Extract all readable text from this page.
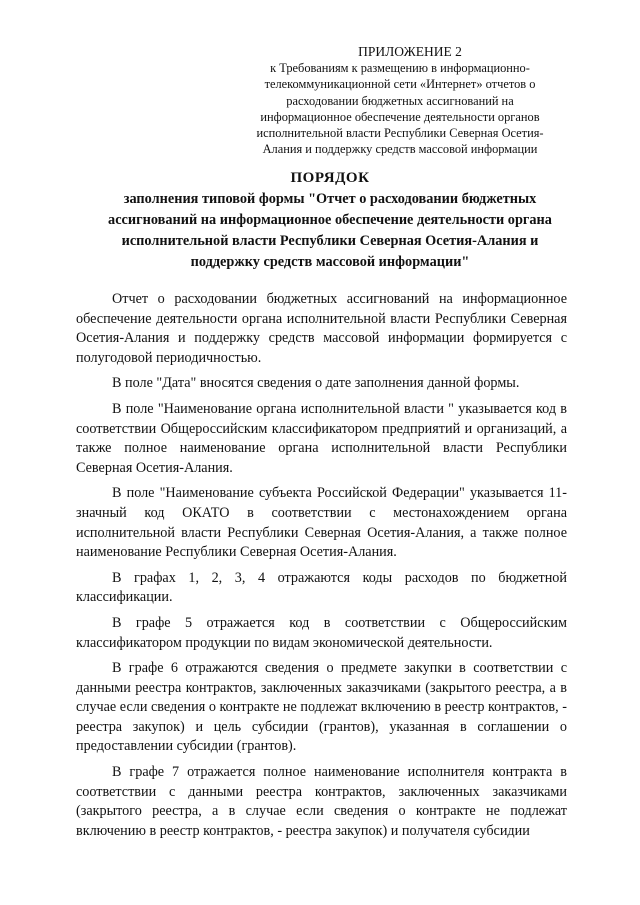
ПРИЛОЖЕНИЕ 2
к Требованиям к размещению в информационно-
телекоммуникационной сети «Интернет» отчетов о
расходовании бюджетных ассигнований на
информационное обеспечение деятельности органов
исполнительной власти Республики Северная Осетия-
Алания и поддержку средств массовой информации
ПОРЯДОК
заполнения типовой формы "Отчет о расходовании бюджетных
ассигнований на информационное обеспечение деятельности органа
исполнительной власти Республики Северная Осетия-Алания и
поддержку средств массовой информации"

Отчет о расходовании бюджетных ассигнований на информационное обеспечение деятельности органа исполнительной власти Республики Северная Осетия-Алания и поддержку средств массовой информации формируется с полугодовой периодичностью.

В поле "Дата" вносятся сведения о дате заполнения данной формы.

В поле "Наименование органа исполнительной власти " указывается код в соответствии Общероссийским классификатором предприятий и организаций, а также полное наименование органа исполнительной власти Республики Северная Осетия-Алания.

В поле "Наименование субъекта Российской Федерации" указывается 11-значный код ОКАТО в соответствии с местонахождением органа исполнительной власти Республики Северная Осетия-Алания, а также полное наименование Республики Северная Осетия-Алания.

В графах 1, 2, 3, 4 отражаются коды расходов по бюджетной классификации.

В графе 5 отражается код в соответствии с Общероссийским классификатором продукции по видам экономической деятельности.

В графе 6 отражаются сведения о предмете закупки в соответствии с данными реестра контрактов, заключенных заказчиками (закрытого реестра, а в случае если сведения о контракте не подлежат включению в реестр контрактов, - реестра закупок) и цель субсидии (грантов), указанная в соглашении о предоставлении субсидии (грантов).

В графе 7 отражается полное наименование исполнителя контракта в соответствии с данными реестра контрактов, заключенных заказчиками (закрытого реестра, а в случае если сведения о контракте не подлежат включению в реестр контрактов, - реестра закупок) и получателя субсидии
